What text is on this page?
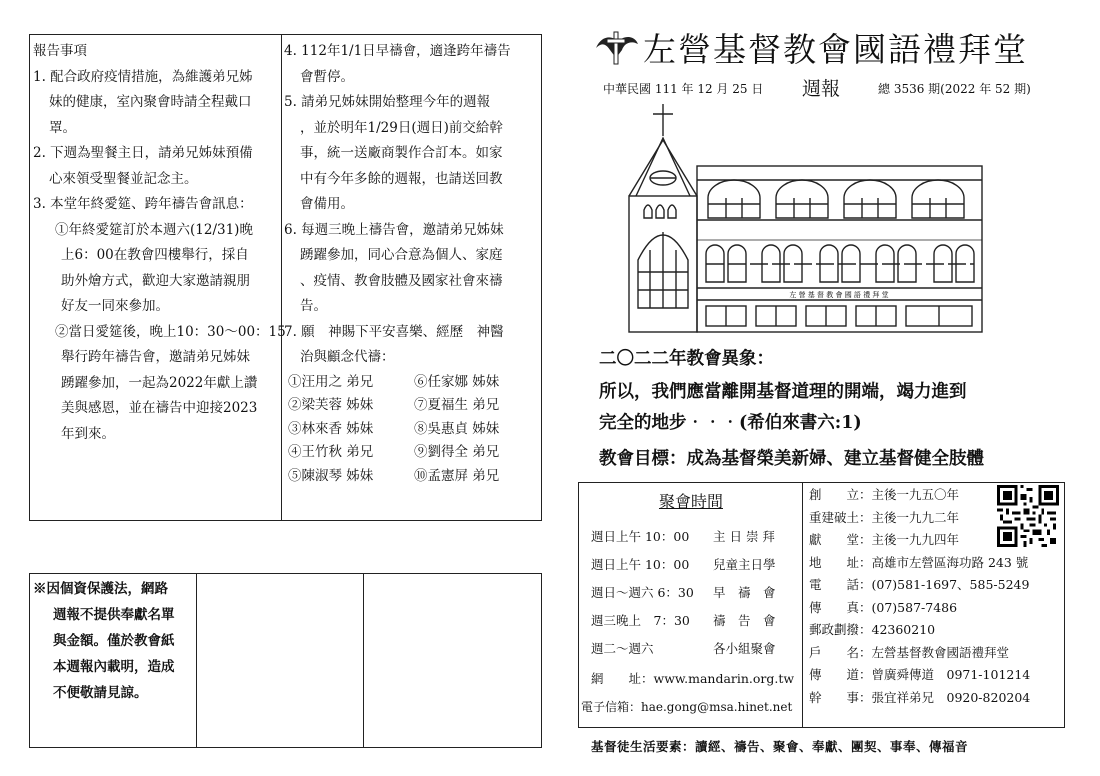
報告事項
1. 配合政府疫情措施，為維護弟兄姊
妹的健康，室內聚會時請全程戴口
罩。
2. 下週為聖餐主日，請弟兄姊妹預備
心來領受聖餐並記念主。
3. 本堂年終愛筵、跨年禱告會訊息：
①年終愛筵訂於本週六(12/31)晚
上6：00在教會四樓舉行，採自
助外燴方式，歡迎大家邀請親朋
好友一同來參加。
②當日愛筵後，晚上10：30～00：15
舉行跨年禱告會，邀請弟兄姊妹
踴躍參加，一起為2022年獻上讚
美與感恩，並在禱告中迎接2023
年到來。
4. 112年1/1日早禱會，適逢跨年禱告
會暫停。
5. 請弟兄姊妹開始整理今年的週報
，並於明年1/29日(週日)前交給幹
事，統一送廠商製作合訂本。如家
中有今年多餘的週報，也請送回教
會備用。
6. 每週三晚上禱告會，邀請弟兄姊妹
踴躍參加，同心合意為個人、家庭
、疫情、教會肢體及國家社會來禱
告。
7. 願　神賜下平安喜樂、經歷　神醫
治與顧念代禱：
①汪用之 弟兄	⑥任家娜 姊妹
②梁芙蓉 姊妹	⑦夏福生 弟兄
③林來香 姊妹	⑧吳惠貞 姊妹
④王竹秋 弟兄	⑨劉得全 弟兄
⑤陳淑琴 姊妹	⑩孟憲屏 弟兄
※因個資保護法，網路
週報不提供奉獻名單
與金額。僅於教會紙
本週報內載明，造成
不便敬請見諒。
左營基督教會國語禮拜堂
中華民國 111 年 12 月 25 日 週報	總 3536 期(2022 年 52 期)
左 營 基 督 教 會 國 語 禮 拜 堂
二〇二二年教會異象：
所以，我們應當離開基督道理的開端，竭力進到
完全的地步‧‧‧(希伯來書六:1)
教會目標：成為基督榮美新婦、建立基督健全肢體
聚會時間
週日上午 10：00	主 日 崇 拜
週日上午 10：00	兒童主日學
週日～週六 6：30	早　禱　會
週三晚上　7：30	禱　告　會
週二～週六	各小組聚會
網　　址：www.mandarin.org.tw
電子信箱：hae.gong@msa.hinet.net
創　　立：主後一九五〇年
重建破土：主後一九九二年
獻　　堂：主後一九九四年
地　　址：高雄市左營區海功路 243 號
電　　話：(07)581-1697、585-5249
傳　　真：(07)587-7486
郵政劃撥：42360210
戶　　名：左營基督教會國語禮拜堂
傳　　道：曾廣舜傳道　0971-101214
幹　　事：張宜祥弟兄　0920-820204
基督徒生活要素：讀經、禱告、聚會、奉獻、團契、事奉、傳福音
